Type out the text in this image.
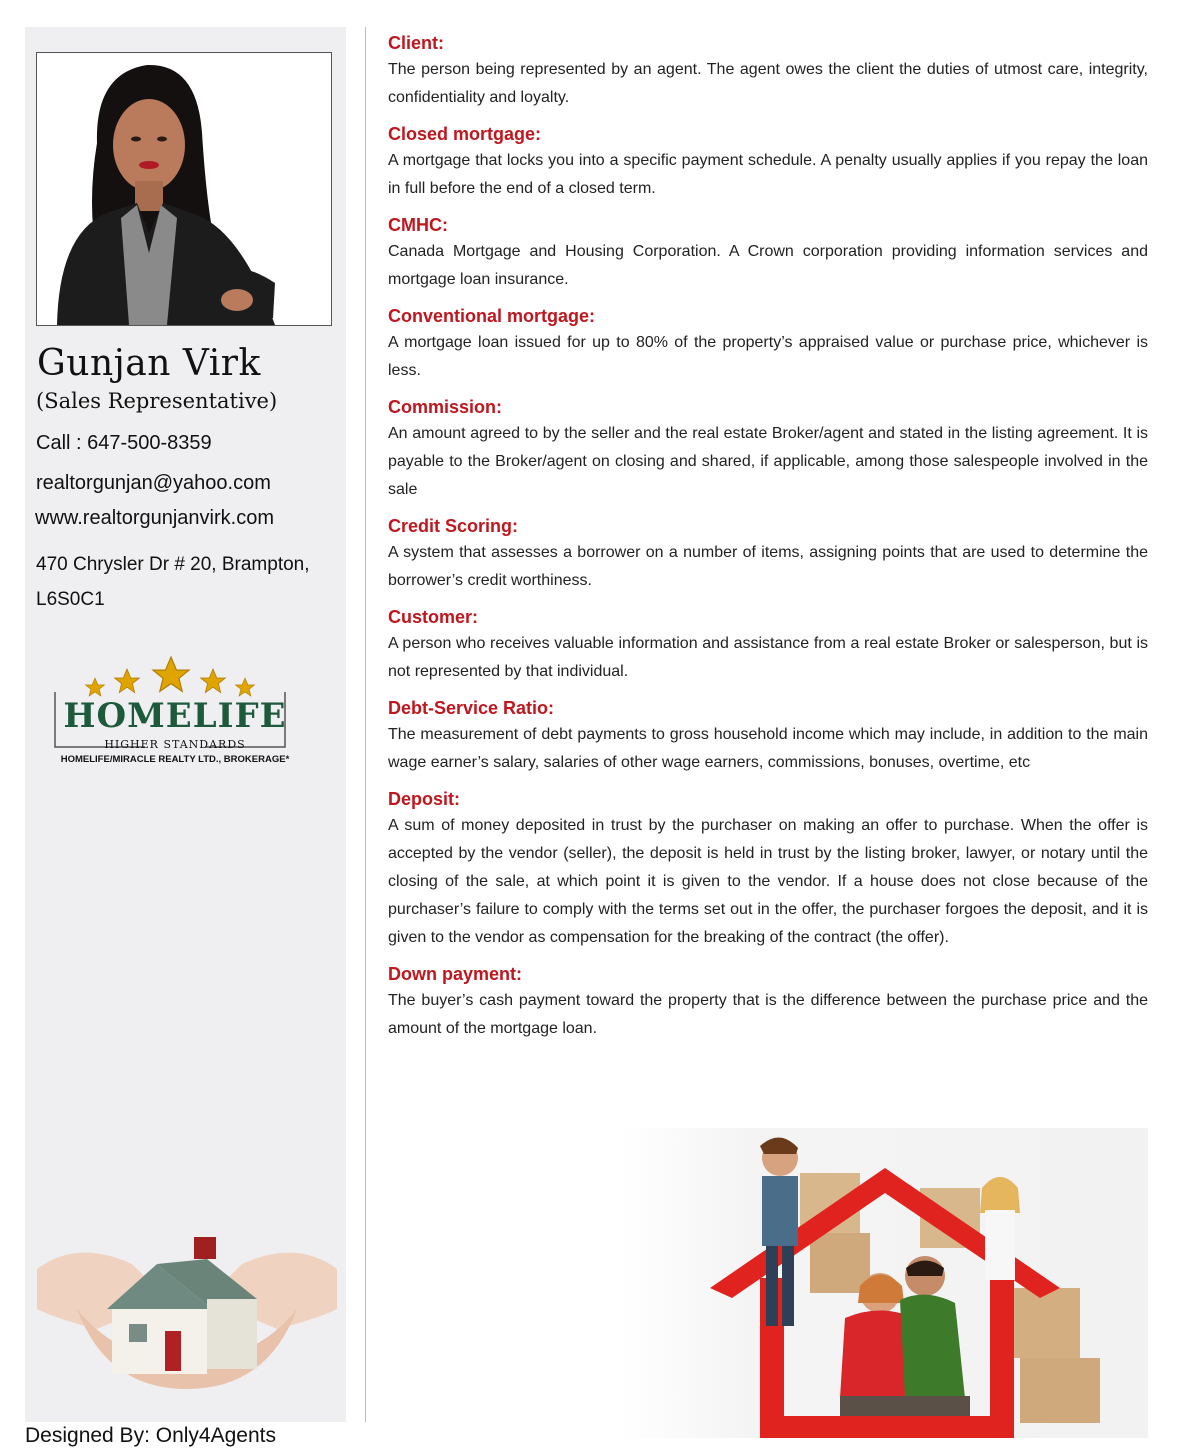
Gunjan Virk
(Sales Representative)
Call : 647-500-8359
realtorgunjan@yahoo.com
www.realtorgunjanvirk.com
470 Chrysler Dr # 20, Brampton, L6S0C1
HOMELIFE
HIGHER STANDARDS
HOMELIFE/MIRACLE REALTY LTD., BROKERAGE*
Client:
The person being represented by an agent. The agent owes the client the duties of utmost care, integrity, confidentiality and loyalty.
Closed mortgage:
A mortgage that locks you into a specific payment schedule. A penalty usually applies if you repay the loan in full before the end of a closed term.
CMHC:
Canada Mortgage and Housing Corporation. A Crown corporation providing information services and mortgage loan insurance.
Conventional mortgage:
A mortgage loan issued for up to 80% of the property’s appraised value or purchase price, whichever is less.
Commission:
An amount agreed to by the seller and the real estate Broker/agent and stated in the listing agreement. It is payable to the Broker/agent on closing and shared, if applicable, among those salespeople involved in the sale
Credit Scoring:
A system that assesses a borrower on a number of items, assigning points that are used to determine the borrower’s credit worthiness.
Customer:
A person who receives valuable information and assistance from a real estate Broker or salesperson, but is not represented by that individual.
Debt-Service Ratio:
The measurement of debt payments to gross household income which may include, in addition to the main wage earner’s salary, salaries of other wage earners, commissions, bonuses, overtime, etc
Deposit:
A sum of money deposited in trust by the purchaser on making an offer to purchase. When the offer is accepted by the vendor (seller), the deposit is held in trust by the listing broker, lawyer, or notary until the closing of the sale, at which point it is given to the vendor. If a house does not close because of the purchaser’s failure to comply with the terms set out in the offer, the purchaser forgoes the deposit, and it is given to the vendor as compensation for the breaking of the contract (the offer).
Down payment:
The buyer’s cash payment toward the property that is the difference between the purchase price and the amount of the mortgage loan.
Designed By: Only4Agents
